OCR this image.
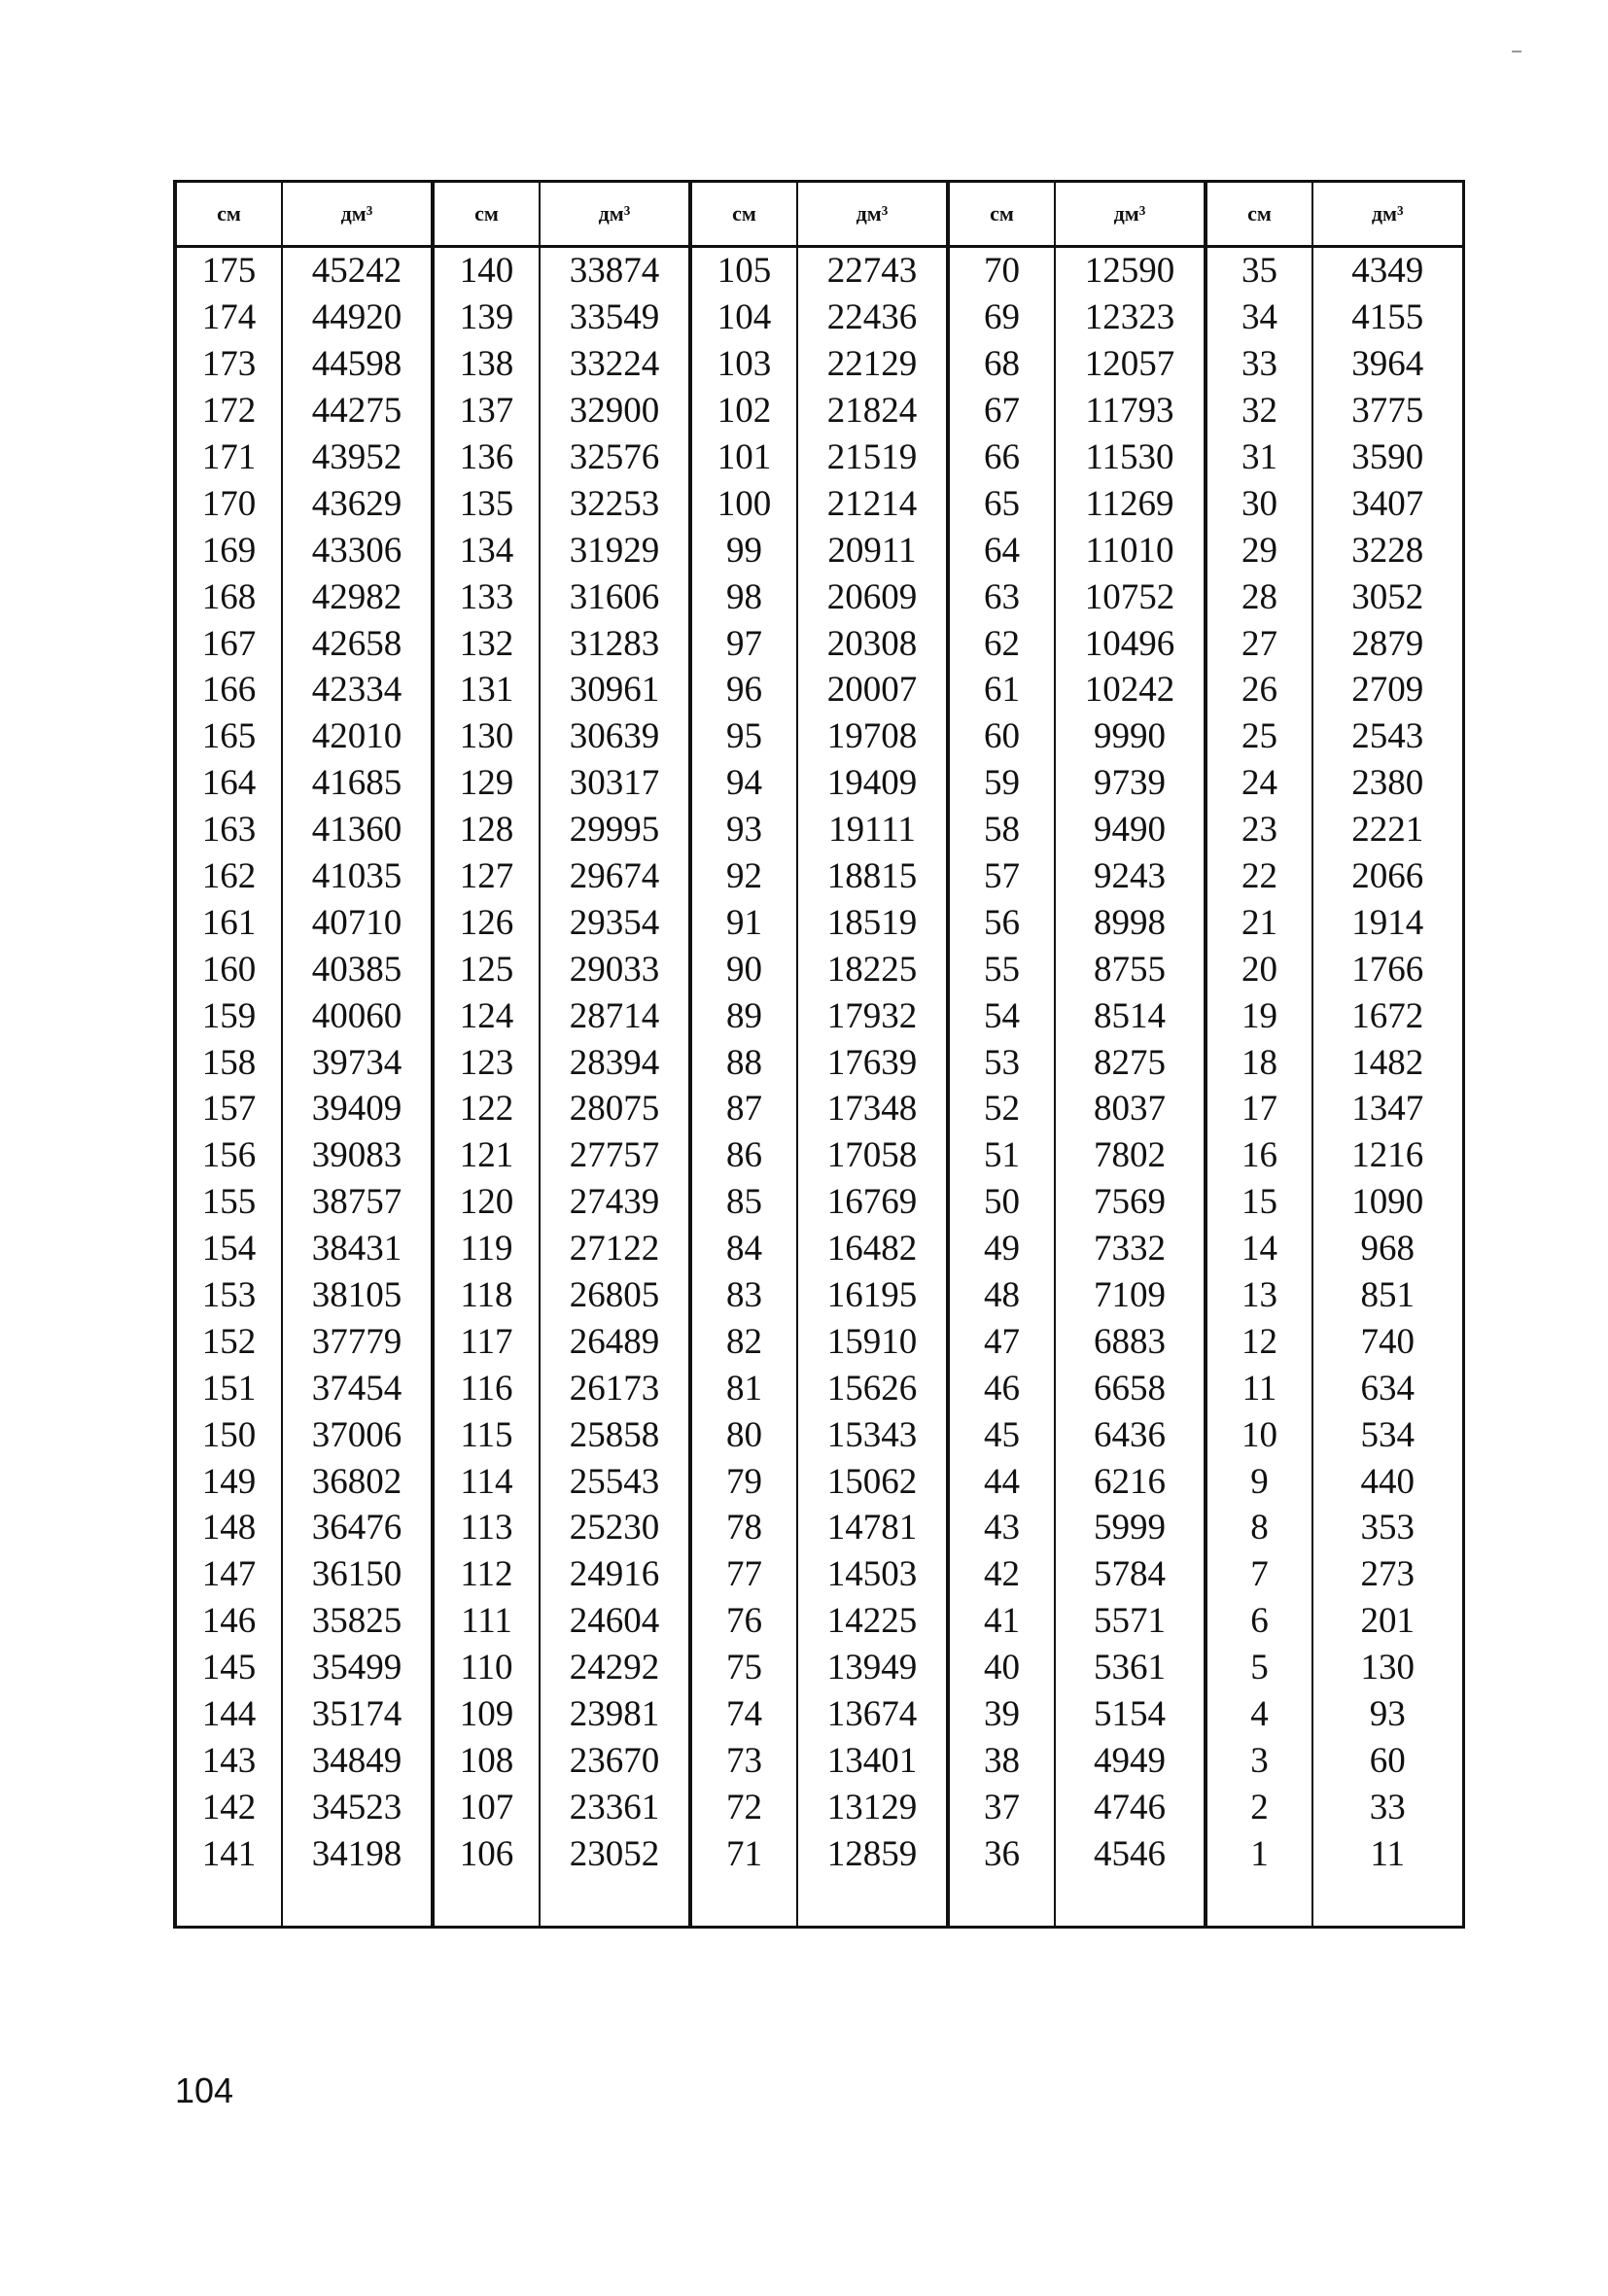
см	дм³	см	дм³	см	дм³	см	дм³	см	дм³
175	45242	140	33874	105	22743	70	12590	35	4349
174	44920	139	33549	104	22436	69	12323	34	4155
173	44598	138	33224	103	22129	68	12057	33	3964
172	44275	137	32900	102	21824	67	11793	32	3775
171	43952	136	32576	101	21519	66	11530	31	3590
170	43629	135	32253	100	21214	65	11269	30	3407
169	43306	134	31929	99	20911	64	11010	29	3228
168	42982	133	31606	98	20609	63	10752	28	3052
167	42658	132	31283	97	20308	62	10496	27	2879
166	42334	131	30961	96	20007	61	10242	26	2709
165	42010	130	30639	95	19708	60	9990	25	2543
164	41685	129	30317	94	19409	59	9739	24	2380
163	41360	128	29995	93	19111	58	9490	23	2221
162	41035	127	29674	92	18815	57	9243	22	2066
161	40710	126	29354	91	18519	56	8998	21	1914
160	40385	125	29033	90	18225	55	8755	20	1766
159	40060	124	28714	89	17932	54	8514	19	1672
158	39734	123	28394	88	17639	53	8275	18	1482
157	39409	122	28075	87	17348	52	8037	17	1347
156	39083	121	27757	86	17058	51	7802	16	1216
155	38757	120	27439	85	16769	50	7569	15	1090
154	38431	119	27122	84	16482	49	7332	14	968
153	38105	118	26805	83	16195	48	7109	13	851
152	37779	117	26489	82	15910	47	6883	12	740
151	37454	116	26173	81	15626	46	6658	11	634
150	37006	115	25858	80	15343	45	6436	10	534
149	36802	114	25543	79	15062	44	6216	9	440
148	36476	113	25230	78	14781	43	5999	8	353
147	36150	112	24916	77	14503	42	5784	7	273
146	35825	111	24604	76	14225	41	5571	6	201
145	35499	110	24292	75	13949	40	5361	5	130
144	35174	109	23981	74	13674	39	5154	4	93
143	34849	108	23670	73	13401	38	4949	3	60
142	34523	107	23361	72	13129	37	4746	2	33
141	34198	106	23052	71	12859	36	4546	1	11

104
